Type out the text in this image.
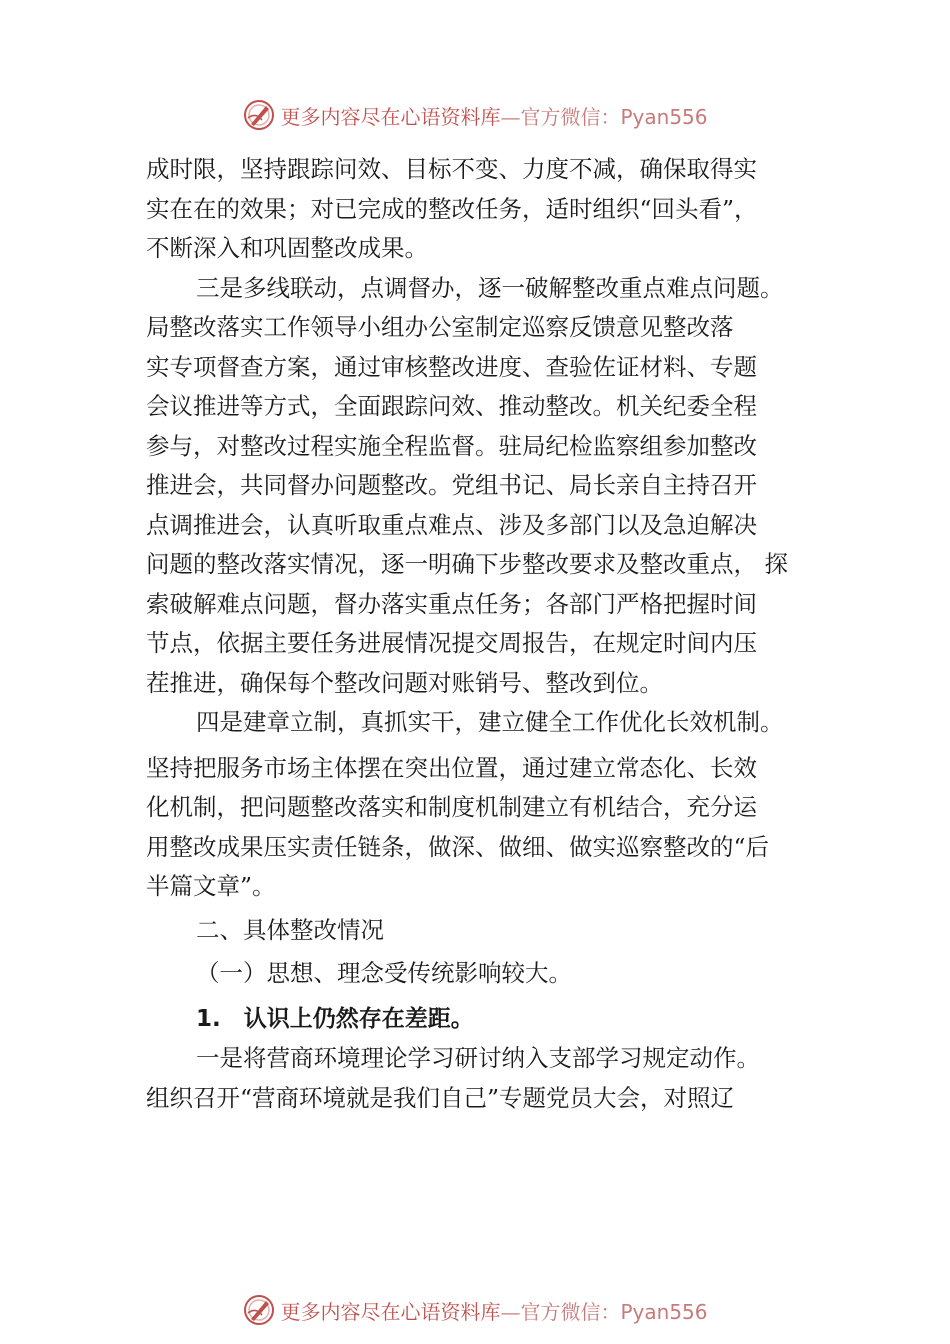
更多内容尽在心语资料库—官方微信：Pyan556
成时限，坚持跟踪问效、目标不变、力度不减，确保取得实
实在在的效果；对已完成的整改任务，适时组织“回头看”，
不断深入和巩固整改成果。
三是多线联动，点调督办，逐一破解整改重点难点问题。
局整改落实工作领导小组办公室制定巡察反馈意见整改落
实专项督查方案，通过审核整改进度、查验佐证材料、专题
会议推进等方式，全面跟踪问效、推动整改。机关纪委全程
参与，对整改过程实施全程监督。驻局纪检监察组参加整改
推进会，共同督办问题整改。党组书记、局长亲自主持召开
点调推进会，认真听取重点难点、涉及多部门以及急迫解决
问题的整改落实情况，逐一明确下步整改要求及整改重点， 探
索破解难点问题，督办落实重点任务；各部门严格把握时间
节点，依据主要任务进展情况提交周报告，在规定时间内压
茬推进，确保每个整改问题对账销号、整改到位。
四是建章立制，真抓实干，建立健全工作优化长效机制。
坚持把服务市场主体摆在突出位置，通过建立常态化、长效
化机制，把问题整改落实和制度机制建立有机结合，充分运
用整改成果压实责任链条，做深、做细、做实巡察整改的“后
半篇文章”。
二、具体整改情况
（一）思想、理念受传统影响较大。
1.　认识上仍然存在差距。
一是将营商环境理论学习研讨纳入支部学习规定动作。
组织召开“营商环境就是我们自己”专题党员大会，对照辽
更多内容尽在心语资料库—官方微信：Pyan556
